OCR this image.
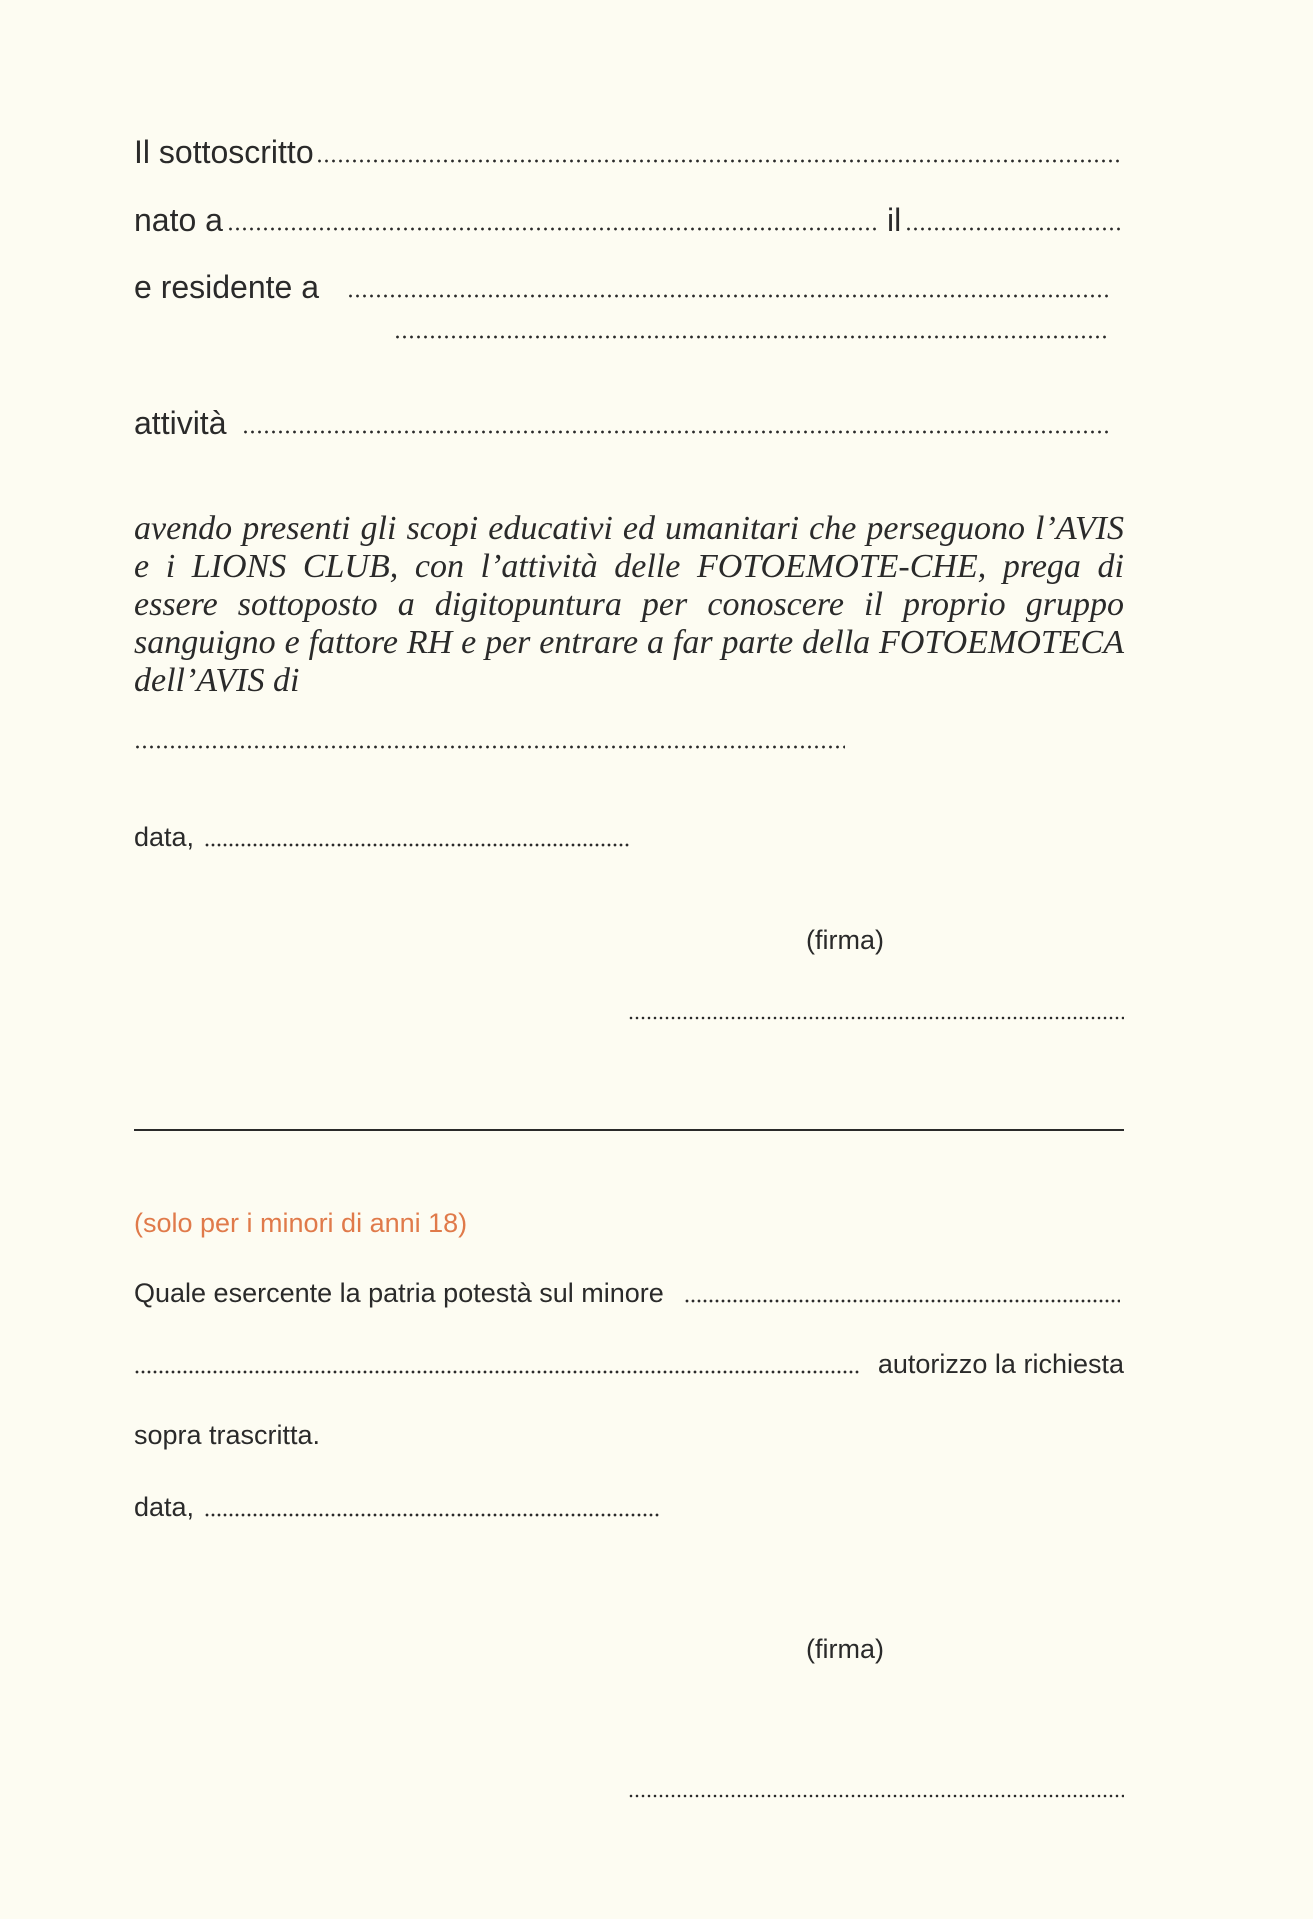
Il sottoscritto
nato a	il
e residente a
attività

avendo presenti gli scopi educativi ed umanitari che perseguono l’AVIS e i LIONS CLUB, con l’attività delle FOTOEMOTE-CHE, prega di essere sottoposto a digitopuntura per conoscere il proprio gruppo sanguigno e fattore RH e per entrare a far parte della FOTOEMOTECA dell’AVIS di

data,
(firma)
(solo per i minori di anni 18)
Quale esercente la patria potestà sul minore
autorizzo la richiesta
sopra trascritta.
data,
(firma)
